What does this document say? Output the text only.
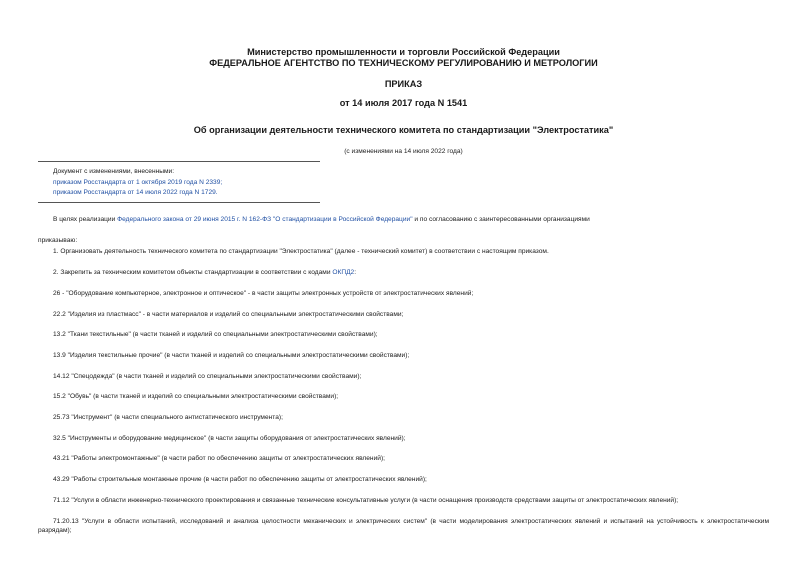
Министерство промышленности и торговли Российской Федерации
ФЕДЕРАЛЬНОЕ АГЕНТСТВО ПО ТЕХНИЧЕСКОМУ РЕГУЛИРОВАНИЮ И МЕТРОЛОГИИ
ПРИКАЗ
от 14 июля 2017 года N 1541
Об организации деятельности технического комитета по стандартизации "Электростатика"
(с изменениями на 14 июля 2022 года)
Документ с изменениями, внесенными:
приказом Росстандарта от 1 октября 2019 года N 2339;
приказом Росстандарта от 14 июля 2022 года N 1729.
В целях реализации Федерального закона от 29 июня 2015 г. N 162-ФЗ "О стандартизации в Российской Федерации" и по согласованию с заинтересованными организациями
приказываю:
1. Организовать деятельность технического комитета по стандартизации "Электростатика" (далее - технический комитет) в соответствии с настоящим приказом.
2. Закрепить за техническим комитетом объекты стандартизации в соответствии с кодами ОКПД2:
26 - "Оборудование компьютерное, электронное и оптическое" - в части защиты электронных устройств от электростатических явлений;
22.2 "Изделия из пластмасс" - в части материалов и изделий со специальными электростатическими свойствами;
13.2 "Ткани текстильные" (в части тканей и изделий со специальными электростатическими свойствами);
13.9 "Изделия текстильные прочие" (в части тканей и изделий со специальными электростатическими свойствами);
14.12 "Спецодежда" (в части тканей и изделий со специальными электростатическими свойствами);
15.2 "Обувь" (в части тканей и изделий со специальными электростатическими свойствами);
25.73 "Инструмент" (в части специального антистатического инструмента);
32.5 "Инструменты и оборудование медицинское" (в части защиты оборудования от электростатических явлений);
43.21 "Работы электромонтажные" (в части работ по обеспечению защиты от электростатических явлений);
43.29 "Работы строительные монтажные прочие (в части работ по обеспечению защиты от электростатических явлений);
71.12 "Услуги в области инженерно-технического проектирования и связанные технические консультативные услуги (в части оснащения производств средствами защиты от электростатических явлений);
71.20.13 "Услуги в области испытаний, исследований и анализа целостности механических и электрических систем" (в части моделирования электростатических явлений и испытаний на устойчивость к электростатическим разрядам);
